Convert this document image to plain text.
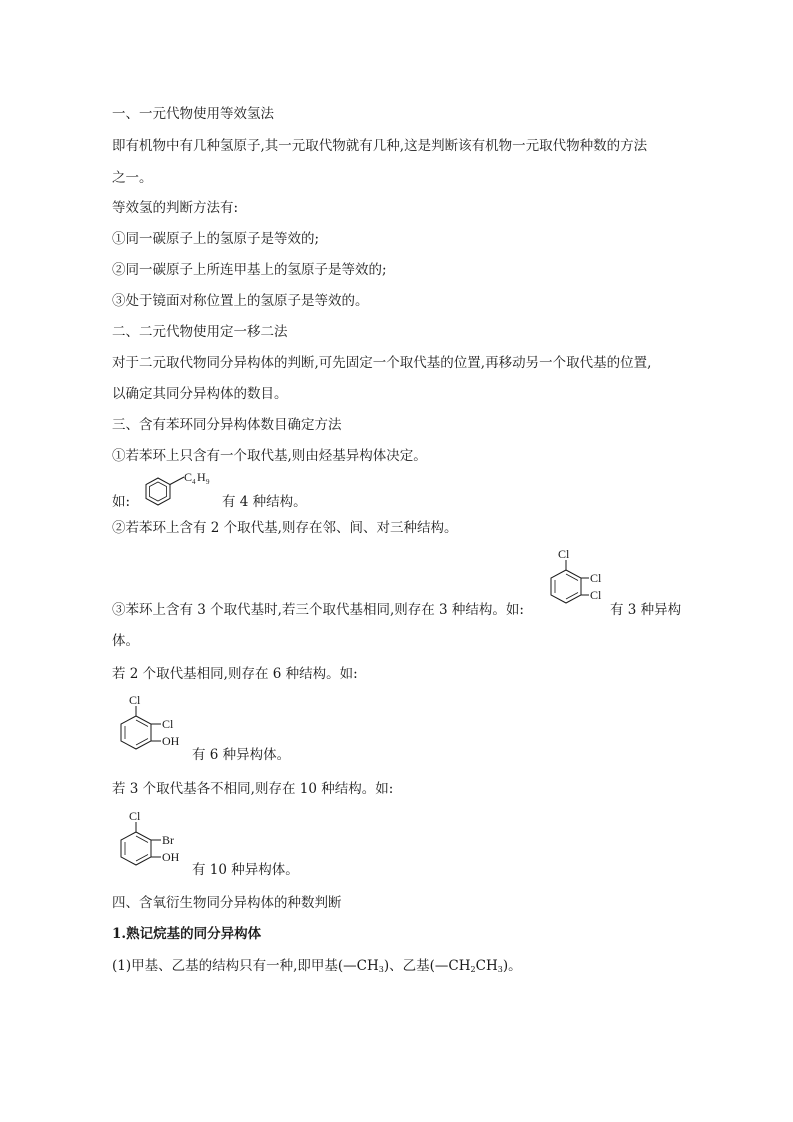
一、一元代物使用等效氢法
即有机物中有几种氢原子,其一元取代物就有几种,这是判断该有机物一元取代物种数的方法
之一。
等效氢的判断方法有:
①同一碳原子上的氢原子是等效的;
②同一碳原子上所连甲基上的氢原子是等效的;
③处于镜面对称位置上的氢原子是等效的。
二、二元代物使用定一移二法
对于二元取代物同分异构体的判断,可先固定一个取代基的位置,再移动另一个取代基的位置,
以确定其同分异构体的数目。
三、含有苯环同分异构体数目确定方法
①若苯环上只含有一个取代基,则由烃基异构体决定。
如:
C 4 H 9
有 4 种结构。
②若苯环上含有 2 个取代基,则存在邻、间、对三种结构。
③苯环上含有 3 个取代基时,若三个取代基相同,则存在 3 种结构。如:
Cl
Cl
Cl
有 3 种异构
体。
若 2 个取代基相同,则存在 6 种结构。如:
Cl
Cl
OH
有 6 种异构体。
若 3 个取代基各不相同,则存在 10 种结构。如:
Cl
Br
OH
有 10 种异构体。
四、含氧衍生物同分异构体的种数判断
1.熟记烷基的同分异构体
(1)甲基、乙基的结构只有一种,即甲基$(—CH_3)$、乙基$(—CH_2CH_3)$。
